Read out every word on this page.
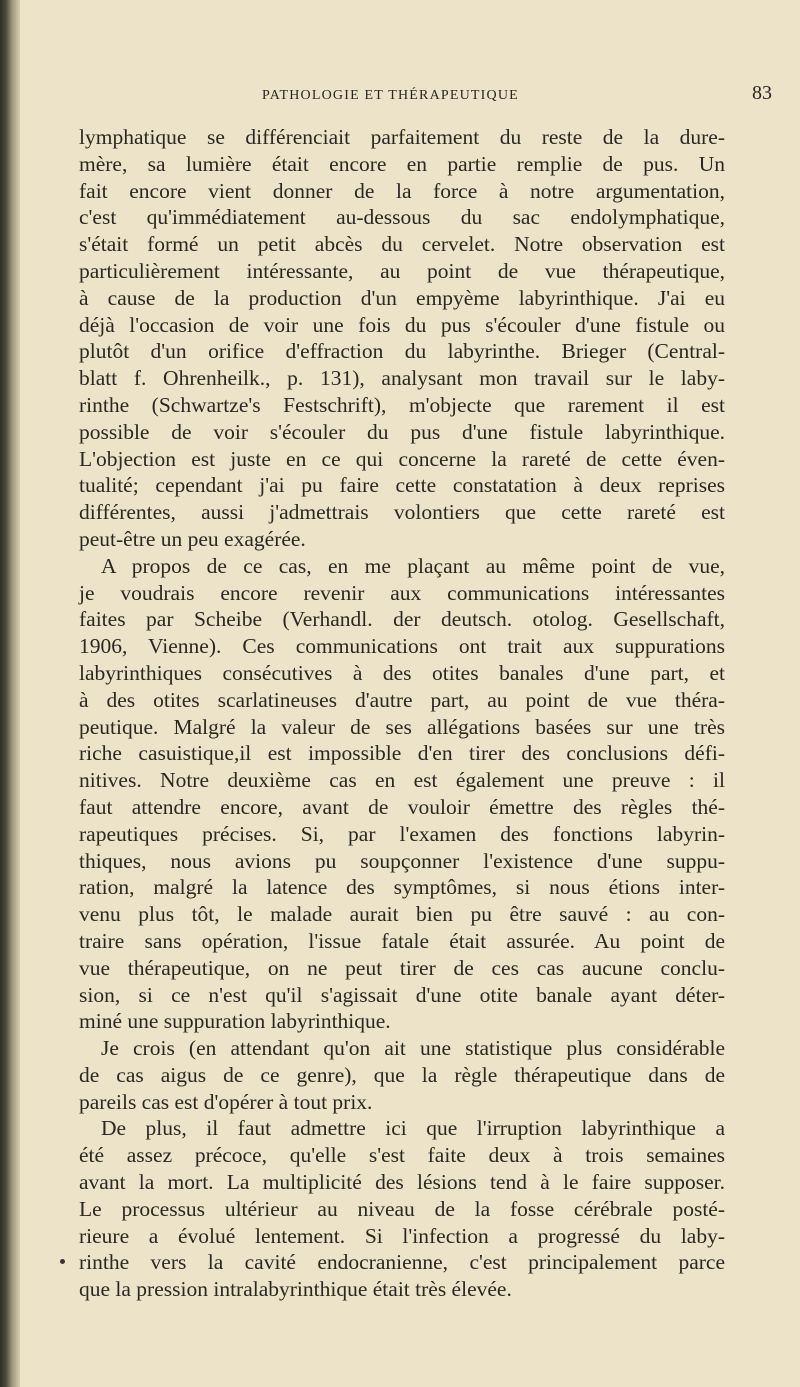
PATHOLOGIE ET THÉRAPEUTIQUE	83
lymphatique se différenciait parfaitement du reste de la dure-
mère, sa lumière était encore en partie remplie de pus. Un
fait encore vient donner de la force à notre argumentation,
c'est qu'immédiatement au-dessous du sac endolymphatique,
s'était formé un petit abcès du cervelet. Notre observation est
particulièrement intéressante, au point de vue thérapeutique,
à cause de la production d'un empyème labyrinthique. J'ai eu
déjà l'occasion de voir une fois du pus s'écouler d'une fistule ou
plutôt d'un orifice d'effraction du labyrinthe. Brieger (Central-
blatt f. Ohrenheilk., p. 131), analysant mon travail sur le laby-
rinthe (Schwartze's Festschrift), m'objecte que rarement il est
possible de voir s'écouler du pus d'une fistule labyrinthique.
L'objection est juste en ce qui concerne la rareté de cette éven-
tualité; cependant j'ai pu faire cette constatation à deux reprises
différentes, aussi j'admettrais volontiers que cette rareté est
peut-être un peu exagérée.
A propos de ce cas, en me plaçant au même point de vue,
je voudrais encore revenir aux communications intéressantes
faites par Scheibe (Verhandl. der deutsch. otolog. Gesellschaft,
1906, Vienne). Ces communications ont trait aux suppurations
labyrinthiques consécutives à des otites banales d'une part, et
à des otites scarlatineuses d'autre part, au point de vue théra-
peutique. Malgré la valeur de ses allégations basées sur une très
riche casuistique,il est impossible d'en tirer des conclusions défi-
nitives. Notre deuxième cas en est également une preuve : il
faut attendre encore, avant de vouloir émettre des règles thé-
rapeutiques précises. Si, par l'examen des fonctions labyrin-
thiques, nous avions pu soupçonner l'existence d'une suppu-
ration, malgré la latence des symptômes, si nous étions inter-
venu plus tôt, le malade aurait bien pu être sauvé : au con-
traire sans opération, l'issue fatale était assurée. Au point de
vue thérapeutique, on ne peut tirer de ces cas aucune conclu-
sion, si ce n'est qu'il s'agissait d'une otite banale ayant déter-
miné une suppuration labyrinthique.
Je crois (en attendant qu'on ait une statistique plus considérable
de cas aigus de ce genre), que la règle thérapeutique dans de
pareils cas est d'opérer à tout prix.
De plus, il faut admettre ici que l'irruption labyrinthique a
été assez précoce, qu'elle s'est faite deux à trois semaines
avant la mort. La multiplicité des lésions tend à le faire supposer.
Le processus ultérieur au niveau de la fosse cérébrale posté-
rieure a évolué lentement. Si l'infection a progressé du laby-
rinthe vers la cavité endocranienne, c'est principalement parce
que la pression intralabyrinthique était très élevée.
